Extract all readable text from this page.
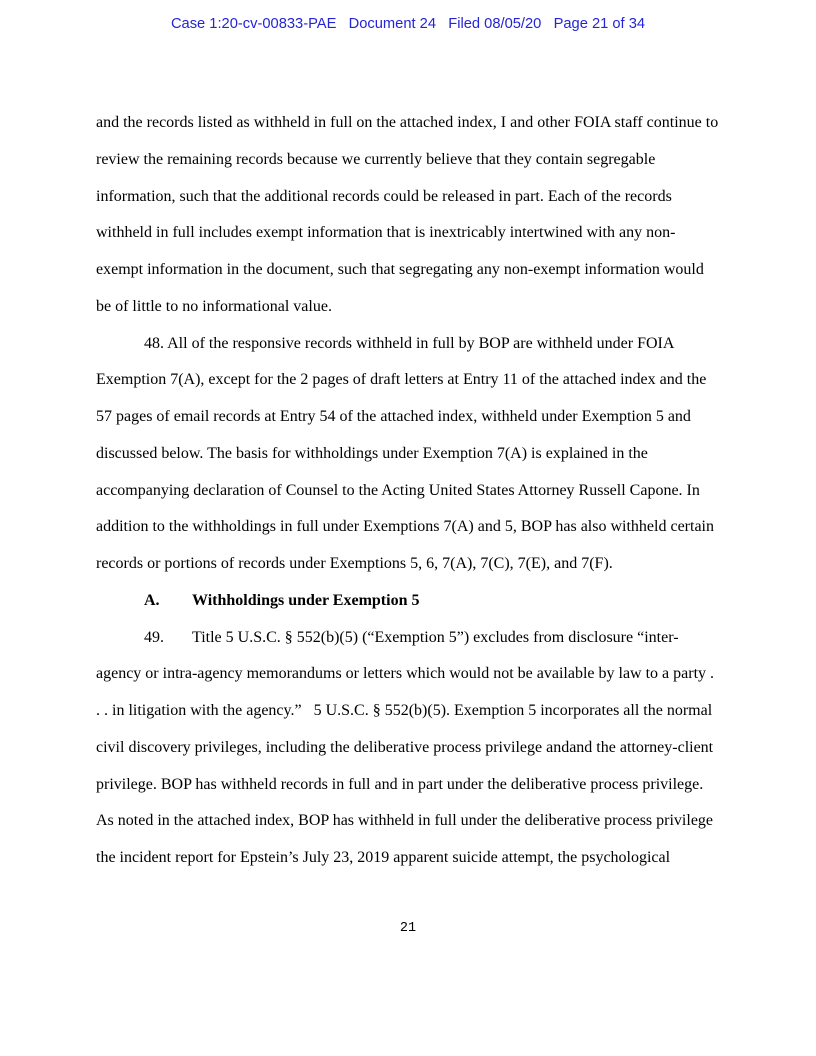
Case 1:20-cv-00833-PAE   Document 24   Filed 08/05/20   Page 21 of 34
and the records listed as withheld in full on the attached index, I and other FOIA staff continue to
review the remaining records because we currently believe that they contain segregable
information, such that the additional records could be released in part. Each of the records
withheld in full includes exempt information that is inextricably intertwined with any non-
exempt information in the document, such that segregating any non-exempt information would
be of little to no informational value.
48. All of the responsive records withheld in full by BOP are withheld under FOIA
Exemption 7(A), except for the 2 pages of draft letters at Entry 11 of the attached index and the
57 pages of email records at Entry 54 of the attached index, withheld under Exemption 5 and
discussed below. The basis for withholdings under Exemption 7(A) is explained in the
accompanying declaration of Counsel to the Acting United States Attorney Russell Capone. In
addition to the withholdings in full under Exemptions 7(A) and 5, BOP has also withheld certain
records or portions of records under Exemptions 5, 6, 7(A), 7(C), 7(E), and 7(F).
A. Withholdings under Exemption 5
49. Title 5 U.S.C. § 552(b)(5) (“Exemption 5”) excludes from disclosure “inter-
agency or intra-agency memorandums or letters which would not be available by law to a party .
. . in litigation with the agency.”   5 U.S.C. § 552(b)(5). Exemption 5 incorporates all the normal
civil discovery privileges, including the deliberative process privilege andand the attorney-client
privilege. BOP has withheld records in full and in part under the deliberative process privilege.
As noted in the attached index, BOP has withheld in full under the deliberative process privilege
the incident report for Epstein’s July 23, 2019 apparent suicide attempt, the psychological
21
